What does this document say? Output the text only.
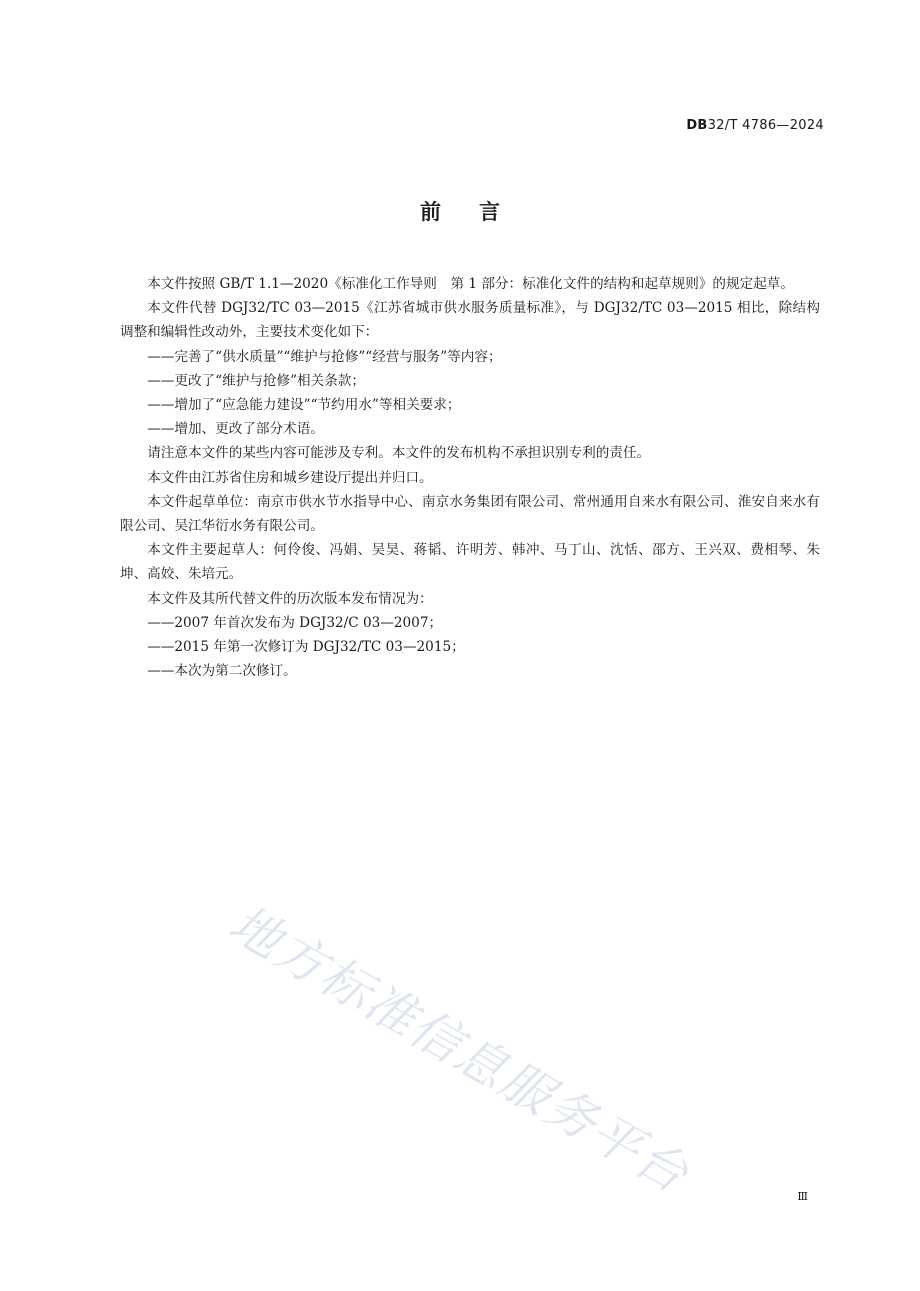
DB32/T 4786—2024
前言

本文件按照 GB/T 1.1—2020《标准化工作导则　第 1 部分：标准化文件的结构和起草规则》的规定起草。

本文件代替 DGJ32/TC 03—2015《江苏省城市供水服务质量标准》，与 DGJ32/TC 03—2015 相比，除结构调整和编辑性改动外，主要技术变化如下：

——完善了“供水质量”“维护与抢修”“经营与服务”等内容；

——更改了“维护与抢修”相关条款；

——增加了“应急能力建设”“节约用水”等相关要求；

——增加、更改了部分术语。

请注意本文件的某些内容可能涉及专利。本文件的发布机构不承担识别专利的责任。

本文件由江苏省住房和城乡建设厅提出并归口。

本文件起草单位：南京市供水节水指导中心、南京水务集团有限公司、常州通用自来水有限公司、淮安自来水有限公司、吴江华衍水务有限公司。

本文件主要起草人：何伶俊、冯娟、吴昊、蒋韬、许明芳、韩冲、马丁山、沈恬、邵方、王兴双、费相琴、朱坤、高姣、朱培元。

本文件及其所代替文件的历次版本发布情况为：

——2007 年首次发布为 DGJ32/C 03—2007；

——2015 年第一次修订为 DGJ32/TC 03—2015；

——本次为第二次修订。

地方标准信息服务平台	Ⅲ
